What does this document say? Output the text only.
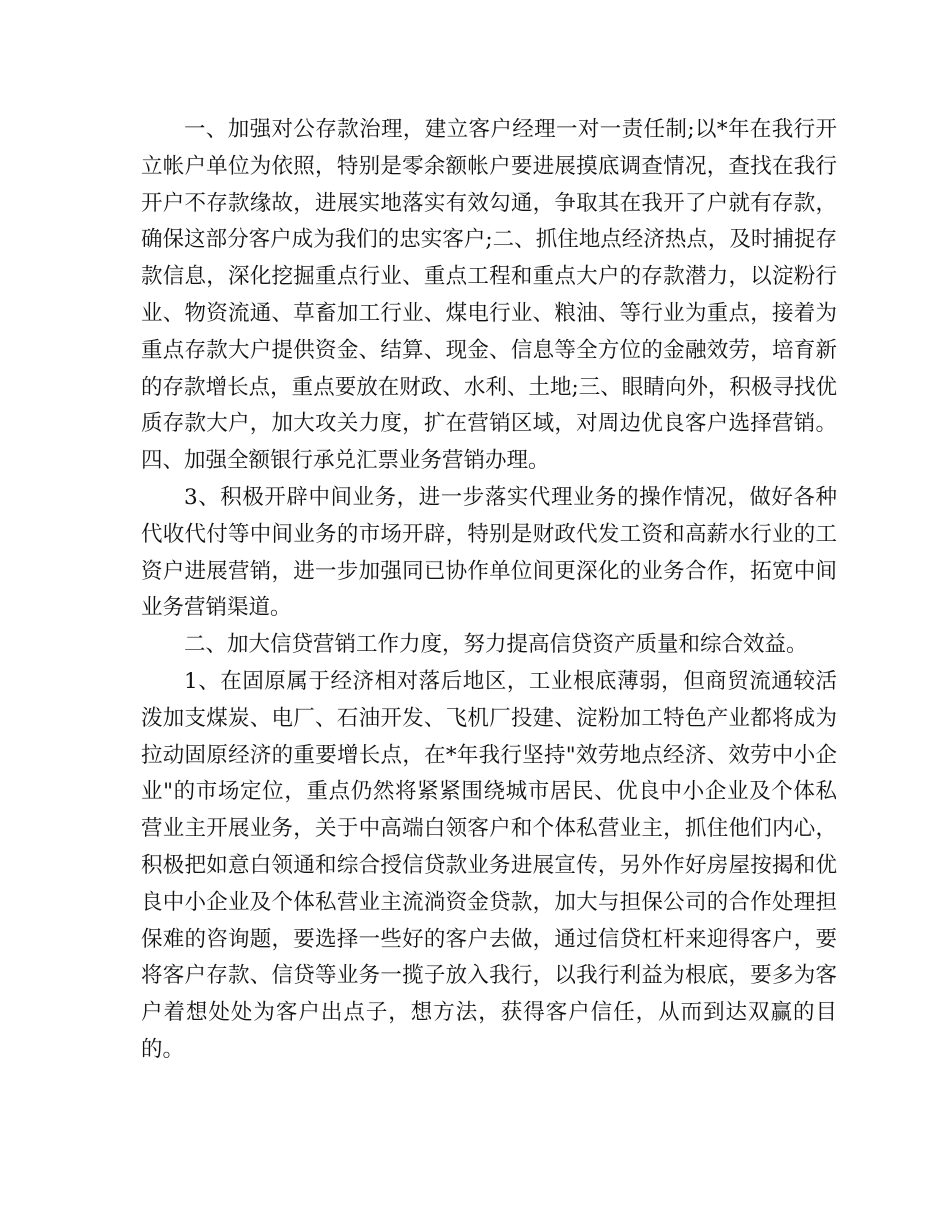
一、加强对公存款治理，建立客户经理一对一责任制;以*年在我行开立帐户单位为依照，特别是零余额帐户要进展摸底调查情况，查找在我行开户不存款缘故，进展实地落实有效勾通，争取其在我开了户就有存款，确保这部分客户成为我们的忠实客户;二、抓住地点经济热点，及时捕捉存款信息，深化挖掘重点行业、重点工程和重点大户的存款潜力，以淀粉行业、物资流通、草畜加工行业、煤电行业、粮油、等行业为重点，接着为重点存款大户提供资金、结算、现金、信息等全方位的金融效劳，培育新的存款增长点，重点要放在财政、水利、土地;三、眼睛向外，积极寻找优质存款大户，加大攻关力度，扩在营销区域，对周边优良客户选择营销。四、加强全额银行承兑汇票业务营销办理。

3、积极开辟中间业务，进一步落实代理业务的操作情况，做好各种代收代付等中间业务的市场开辟，特别是财政代发工资和高薪水行业的工资户进展营销，进一步加强同已协作单位间更深化的业务合作，拓宽中间业务营销渠道。

二、加大信贷营销工作力度，努力提高信贷资产质量和综合效益。

1、在固原属于经济相对落后地区，工业根底薄弱，但商贸流通较活泼加支煤炭、电厂、石油开发、飞机厂投建、淀粉加工特色产业都将成为拉动固原经济的重要增长点，在*年我行坚持"效劳地点经济、效劳中小企业"的市场定位，重点仍然将紧紧围绕城市居民、优良中小企业及个体私营业主开展业务，关于中高端白领客户和个体私营业主，抓住他们内心，积极把如意白领通和综合授信贷款业务进展宣传，另外作好房屋按揭和优良中小企业及个体私营业主流淌资金贷款，加大与担保公司的合作处理担保难的咨询题，要选择一些好的客户去做，通过信贷杠杆来迎得客户，要将客户存款、信贷等业务一揽子放入我行，以我行利益为根底，要多为客户着想处处为客户出点子，想方法，获得客户信任，从而到达双赢的目的。
